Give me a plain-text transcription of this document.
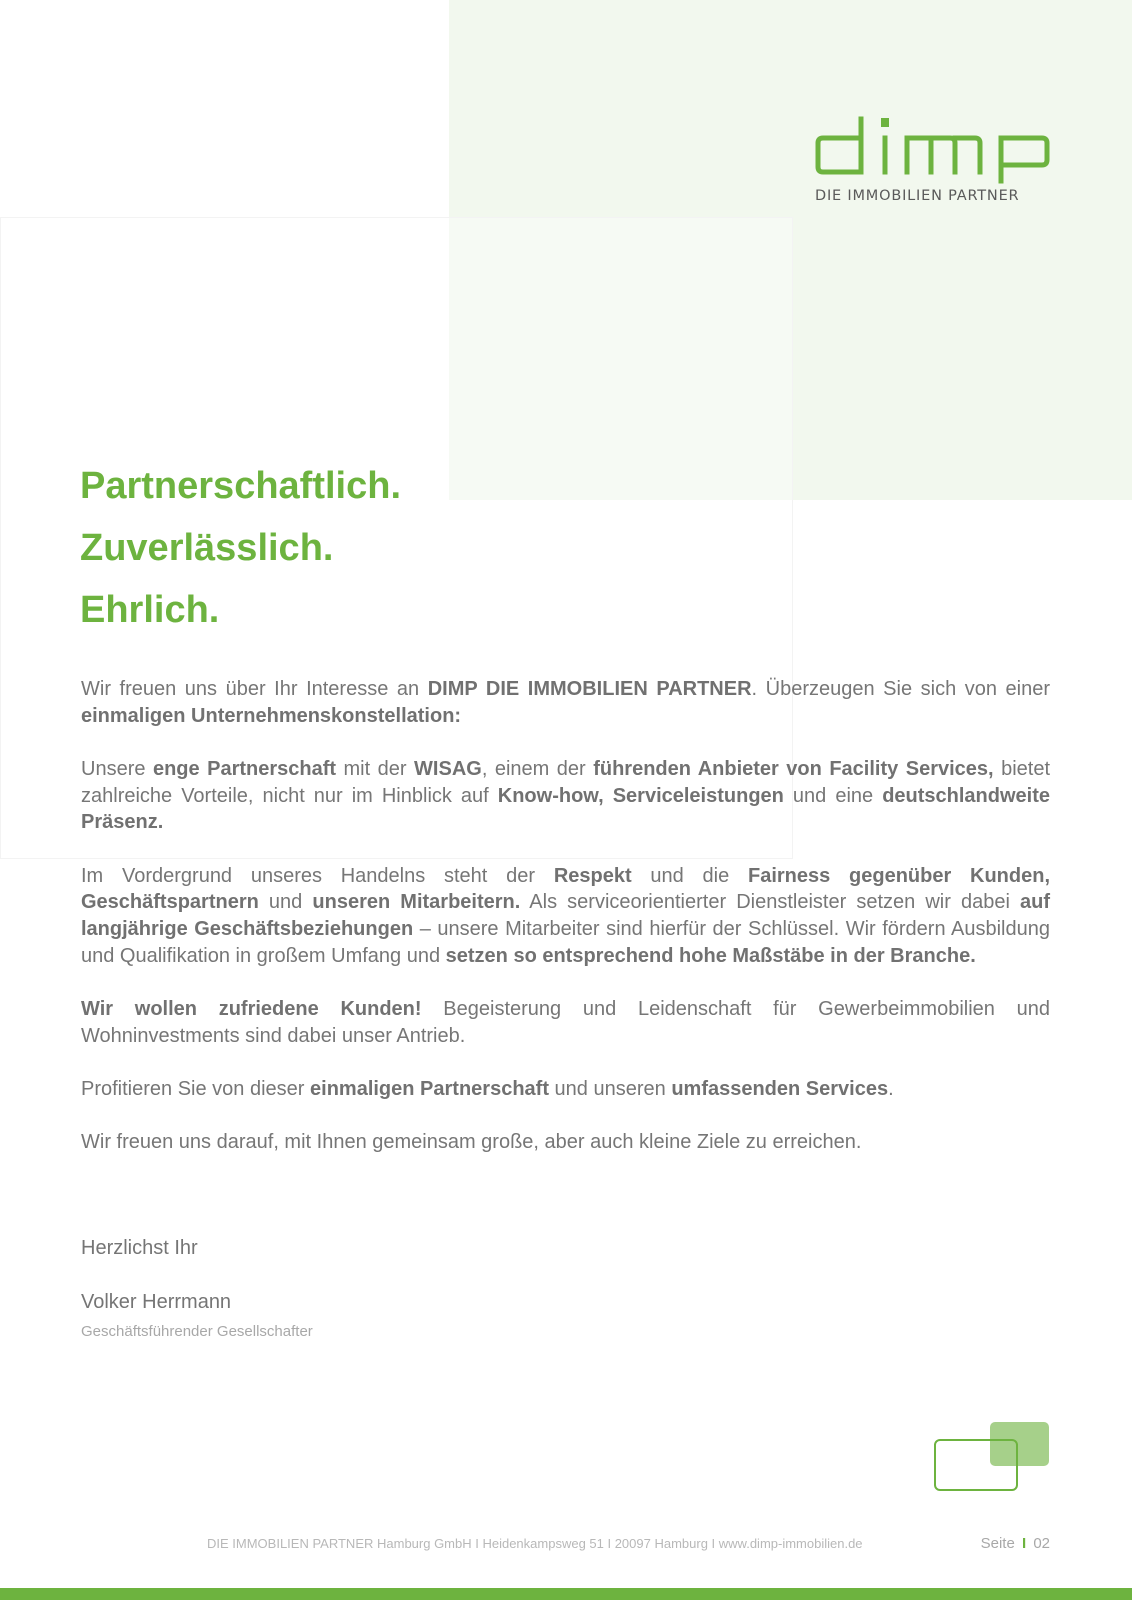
DIE IMMOBILIEN PARTNER
Partnerschaftlich.
Zuverlässlich.
Ehrlich.

Wir freuen uns über Ihr Interesse an DIMP DIE IMMOBILIEN PARTNER. Überzeugen Sie sich von einer einmaligen Unternehmenskonstellation:

Unsere enge Partnerschaft mit der WISAG, einem der führenden Anbieter von Facility Services, bietet zahlreiche Vorteile, nicht nur im Hinblick auf Know-how, Serviceleistungen und eine deutschlandweite Präsenz.

Im Vordergrund unseres Handelns steht der Respekt und die Fairness gegenüber Kunden, Geschäftspartnern und unseren Mitarbeitern. Als serviceorientierter Dienstleister setzen wir dabei auf langjährige Geschäftsbeziehungen – unsere Mitarbeiter sind hierfür der Schlüssel. Wir fördern Ausbildung und Qualifikation in großem Umfang und setzen so entsprechend hohe Maßstäbe in der Branche.

Wir wollen zufriedene Kunden! Begeisterung und Leidenschaft für Gewerbeimmobilien und Wohninvestments sind dabei unser Antrieb.

Profitieren Sie von dieser einmaligen Partnerschaft und unseren umfassenden Services.

Wir freuen uns darauf, mit Ihnen gemeinsam große, aber auch kleine Ziele zu erreichen.

Herzlichst Ihr
Volker Herrmann
Geschäftsführender Gesellschafter
DIE IMMOBILIEN PARTNER Hamburg GmbH I Heidenkampsweg 51 I 20097 Hamburg I www.dimp-immobilien.de	Seite I 02
